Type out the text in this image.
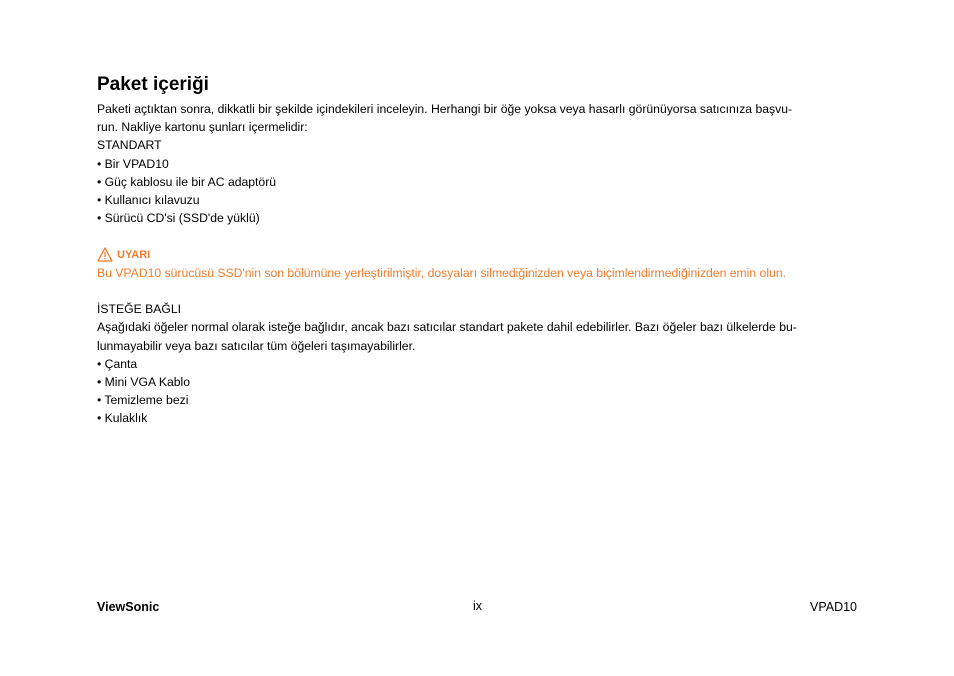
Paket içeriği
Paketi açtıktan sonra, dikkatli bir şekilde içindekileri inceleyin. Herhangi bir öğe yoksa veya hasarlı görünüyorsa satıcınıza başvu-
run. Nakliye kartonu şunları içermelidir:
STANDART
• Bir VPAD10
• Güç kablosu ile bir AC adaptörü
• Kullanıcı kılavuzu
• Sürücü CD'si (SSD'de yüklü)
UYARI
Bu VPAD10 sürücüsü SSD'nin son bölümüne yerleştirilmiştir, dosyaları silmediğinizden veya biçimlendirmediğinizden emin olun.
İSTEĞE BAĞLI
Aşağıdaki öğeler normal olarak isteğe bağlıdır, ancak bazı satıcılar standart pakete dahil edebilirler. Bazı öğeler bazı ülkelerde bu-
lunmayabilir veya bazı satıcılar tüm öğeleri taşımayabilirler.
• Çanta
• Mini VGA Kablo
• Temizleme bezi
• Kulaklık
ViewSonic	ix	VPAD10
